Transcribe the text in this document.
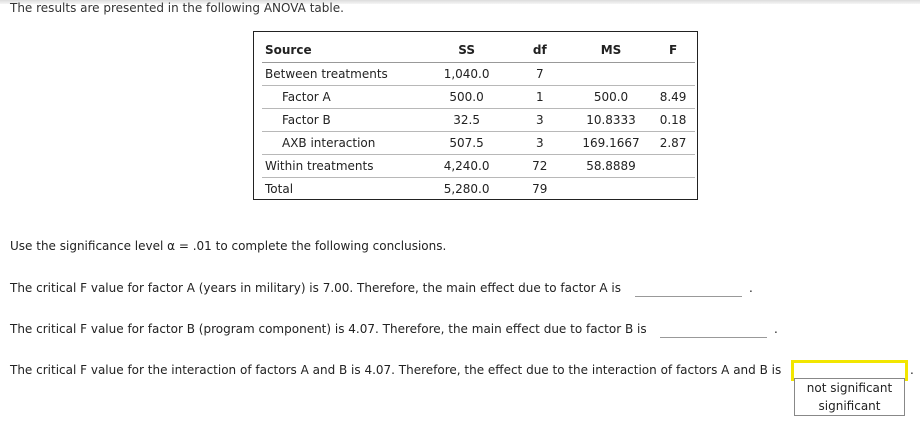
The results are presented in the following ANOVA table.
Source	SS	df	MS	F
Between treatments	1,040.0	7		
Factor A	500.0	1	500.0	8.49
Factor B	32.5	3	10.8333	0.18
AXB interaction	507.5	3	169.1667	2.87
Within treatments	4,240.0	72	58.8889	
Total	5,280.0	79		
Use the significance level α = .01 to complete the following conclusions.
The critical F value for factor A (years in military) is 7.00. Therefore, the main effect due to factor A is	.
The critical F value for factor B (program component) is 4.07. Therefore, the main effect due to factor B is	.
The critical F value for the interaction of factors A and B is 4.07. Therefore, the effect due to the interaction of factors A and B is	.
not significant
significant
